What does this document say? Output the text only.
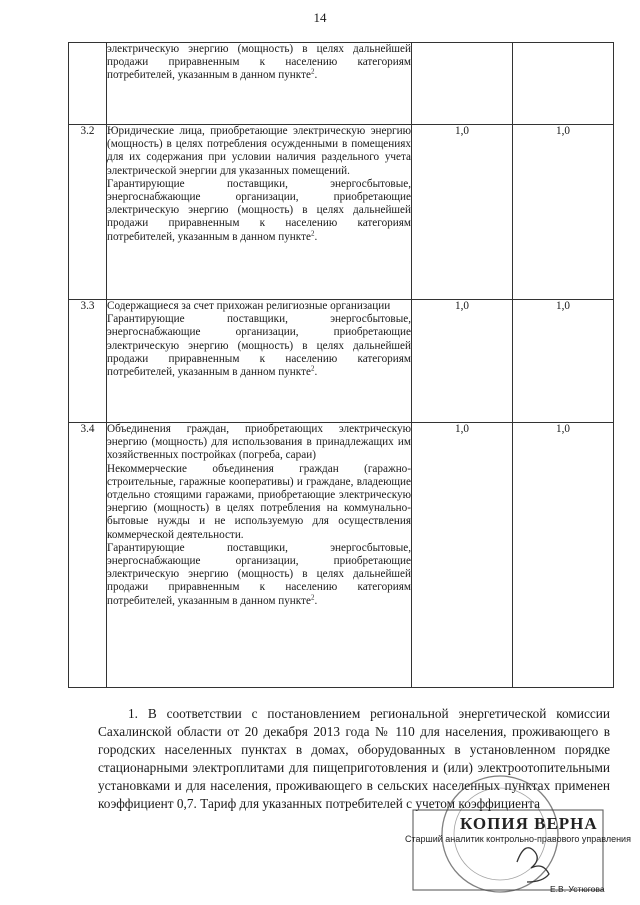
14

	электрическую энергию (мощность) в целях дальнейшей продажи приравненным к населению категориям потребителей, указанным в данном пункте$^2$.		

3.2	Юридические лица, приобретающие электрическую энергию (мощность) в целях потребления осужденными в помещениях для их содержания при условии наличия раздельного учета электрической энергии для указанных помещений.
Гарантирующие поставщики, энергосбытовые, энергоснабжающие организации, приобретающие электрическую энергию (мощность) в целях дальнейшей продажи приравненным к населению категориям потребителей, указанным в данном пункте$^2$.	1,0	1,0
3.3	Содержащиеся за счет прихожан религиозные организации
Гарантирующие поставщики, энергосбытовые, энергоснабжающие организации, приобретающие электрическую энергию (мощность) в целях дальнейшей продажи приравненным к населению категориям потребителей, указанным в данном пункте$^2$.	1,0	1,0
3.4	Объединения граждан, приобретающих электрическую энергию (мощность) для использования в принадлежащих им хозяйственных постройках (погреба, сараи)
Некоммерческие объединения граждан (гаражно-строительные, гаражные кооперативы) и граждане, владеющие отдельно стоящими гаражами, приобретающие электрическую энергию (мощность) в целях потребления на коммунально-бытовые нужды и не используемую для осуществления коммерческой деятельности.
Гарантирующие поставщики, энергосбытовые, энергоснабжающие организации, приобретающие электрическую энергию (мощность) в целях дальнейшей продажи приравненным к населению категориям потребителей, указанным в данном пункте$^2$.	1,0	1,0
1. В соответствии с постановлением региональной энергетической комиссии Сахалинской области от 20 декабря 2013 года № 110 для населения, проживающего в городских населенных пунктах в домах, оборудованных в установленном порядке стационарными электроплитами для пищеприготовления и (или) электроотопительными установками и для населения, проживающего в сельских населенных пунктах применен коэффициент 0,7. Тариф для указанных потребителей с учетом коэффициента
КОПИЯ ВЕРНА
Старший аналитик контрольно-правового управления
Е.В. Устюгова
